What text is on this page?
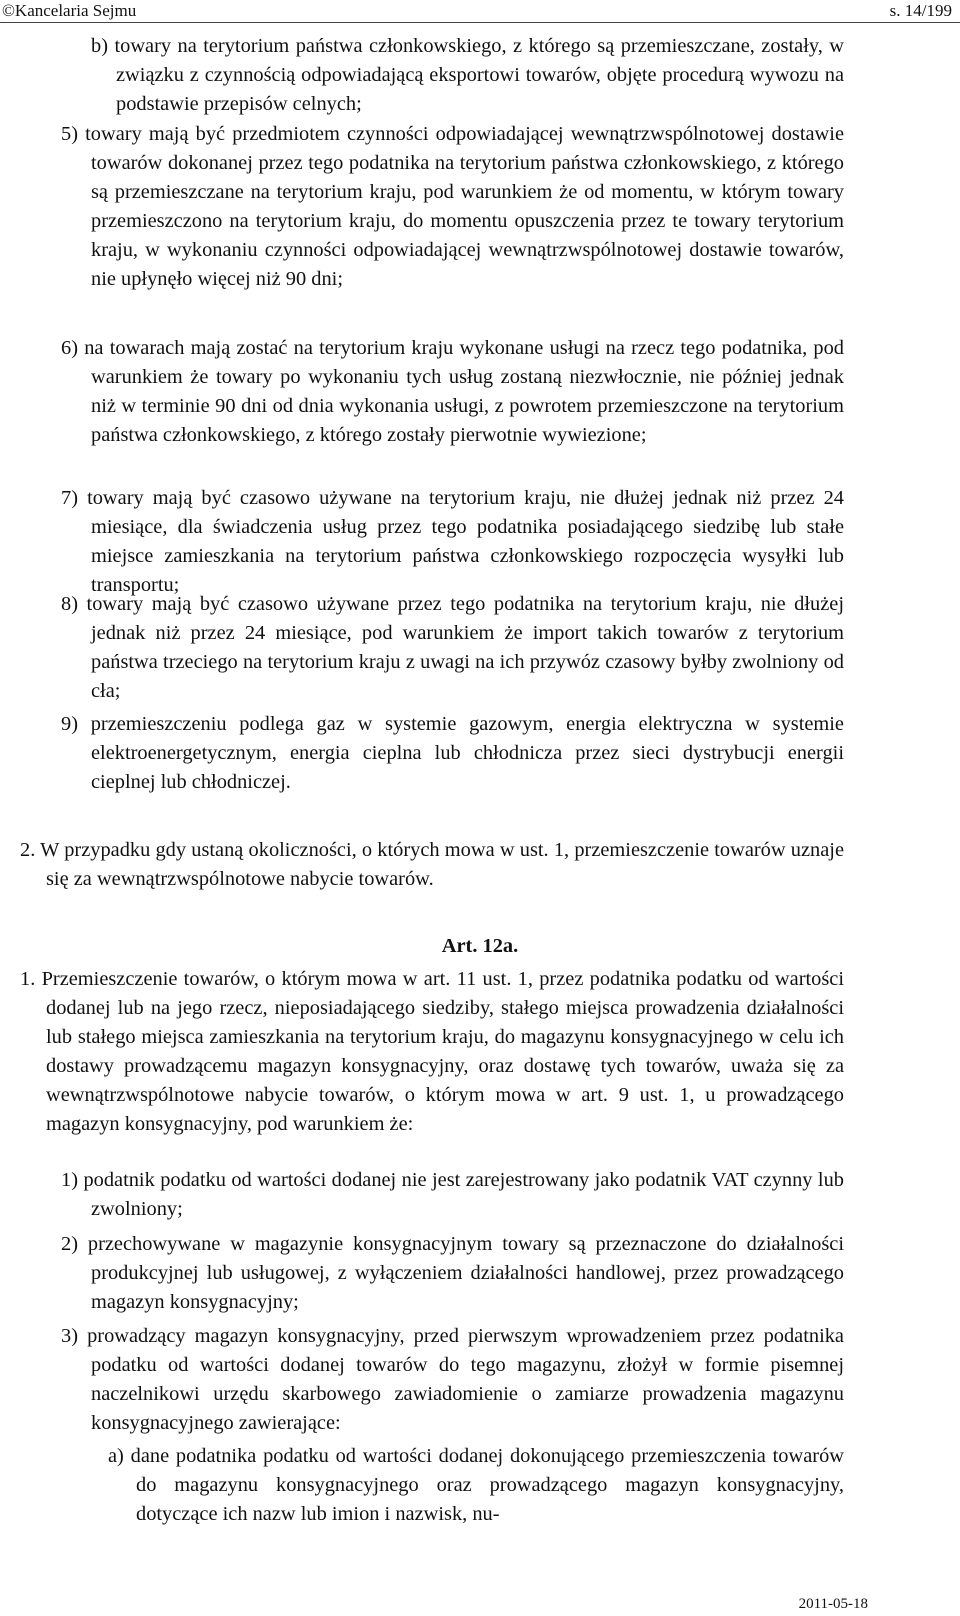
©Kancelaria Sejmu	s. 14/199
b) towary na terytorium państwa członkowskiego, z którego są przemieszczane, zostały, w związku z czynnością odpowiadającą eksportowi towarów, objęte procedurą wywozu na podstawie przepisów celnych;
5) towary mają być przedmiotem czynności odpowiadającej wewnątrzwspólnotowej dostawie towarów dokonanej przez tego podatnika na terytorium państwa członkowskiego, z którego są przemieszczane na terytorium kraju, pod warunkiem że od momentu, w którym towary przemieszczono na terytorium kraju, do momentu opuszczenia przez te towary terytorium kraju, w wykonaniu czynności odpowiadającej wewnątrzwspólnotowej dostawie towarów, nie upłynęło więcej niż 90 dni;
6) na towarach mają zostać na terytorium kraju wykonane usługi na rzecz tego podatnika, pod warunkiem że towary po wykonaniu tych usług zostaną niezwłocznie, nie później jednak niż w terminie 90 dni od dnia wykonania usługi, z powrotem przemieszczone na terytorium państwa członkowskiego, z którego zostały pierwotnie wywiezione;
7) towary mają być czasowo używane na terytorium kraju, nie dłużej jednak niż przez 24 miesiące, dla świadczenia usług przez tego podatnika posiadającego siedzibę lub stałe miejsce zamieszkania na terytorium państwa członkowskiego rozpoczęcia wysyłki lub transportu;
8) towary mają być czasowo używane przez tego podatnika na terytorium kraju, nie dłużej jednak niż przez 24 miesiące, pod warunkiem że import takich towarów z terytorium państwa trzeciego na terytorium kraju z uwagi na ich przywóz czasowy byłby zwolniony od cła;
9) przemieszczeniu podlega gaz w systemie gazowym, energia elektryczna w systemie elektroenergetycznym, energia cieplna lub chłodnicza przez sieci dystrybucji energii cieplnej lub chłodniczej.
2. W przypadku gdy ustaną okoliczności, o których mowa w ust. 1, przemieszczenie towarów uznaje się za wewnątrzwspólnotowe nabycie towarów.
Art. 12a.
1. Przemieszczenie towarów, o którym mowa w art. 11 ust. 1, przez podatnika podatku od wartości dodanej lub na jego rzecz, nieposiadającego siedziby, stałego miejsca prowadzenia działalności lub stałego miejsca zamieszkania na terytorium kraju, do magazynu konsygnacyjnego w celu ich dostawy prowadzącemu magazyn konsygnacyjny, oraz dostawę tych towarów, uważa się za wewnątrzwspólnotowe nabycie towarów, o którym mowa w art. 9 ust. 1, u prowadzącego magazyn konsygnacyjny, pod warunkiem że:
1) podatnik podatku od wartości dodanej nie jest zarejestrowany jako podatnik VAT czynny lub zwolniony;
2) przechowywane w magazynie konsygnacyjnym towary są przeznaczone do działalności produkcyjnej lub usługowej, z wyłączeniem działalności handlowej, przez prowadzącego magazyn konsygnacyjny;
3) prowadzący magazyn konsygnacyjny, przed pierwszym wprowadzeniem przez podatnika podatku od wartości dodanej towarów do tego magazynu, złożył w formie pisemnej naczelnikowi urzędu skarbowego zawiadomienie o zamiarze prowadzenia magazynu konsygnacyjnego zawierające:
a) dane podatnika podatku od wartości dodanej dokonującego przemieszczenia towarów do magazynu konsygnacyjnego oraz prowadzącego magazyn konsygnacyjny, dotyczące ich nazw lub imion i nazwisk, nu-
2011-05-18
